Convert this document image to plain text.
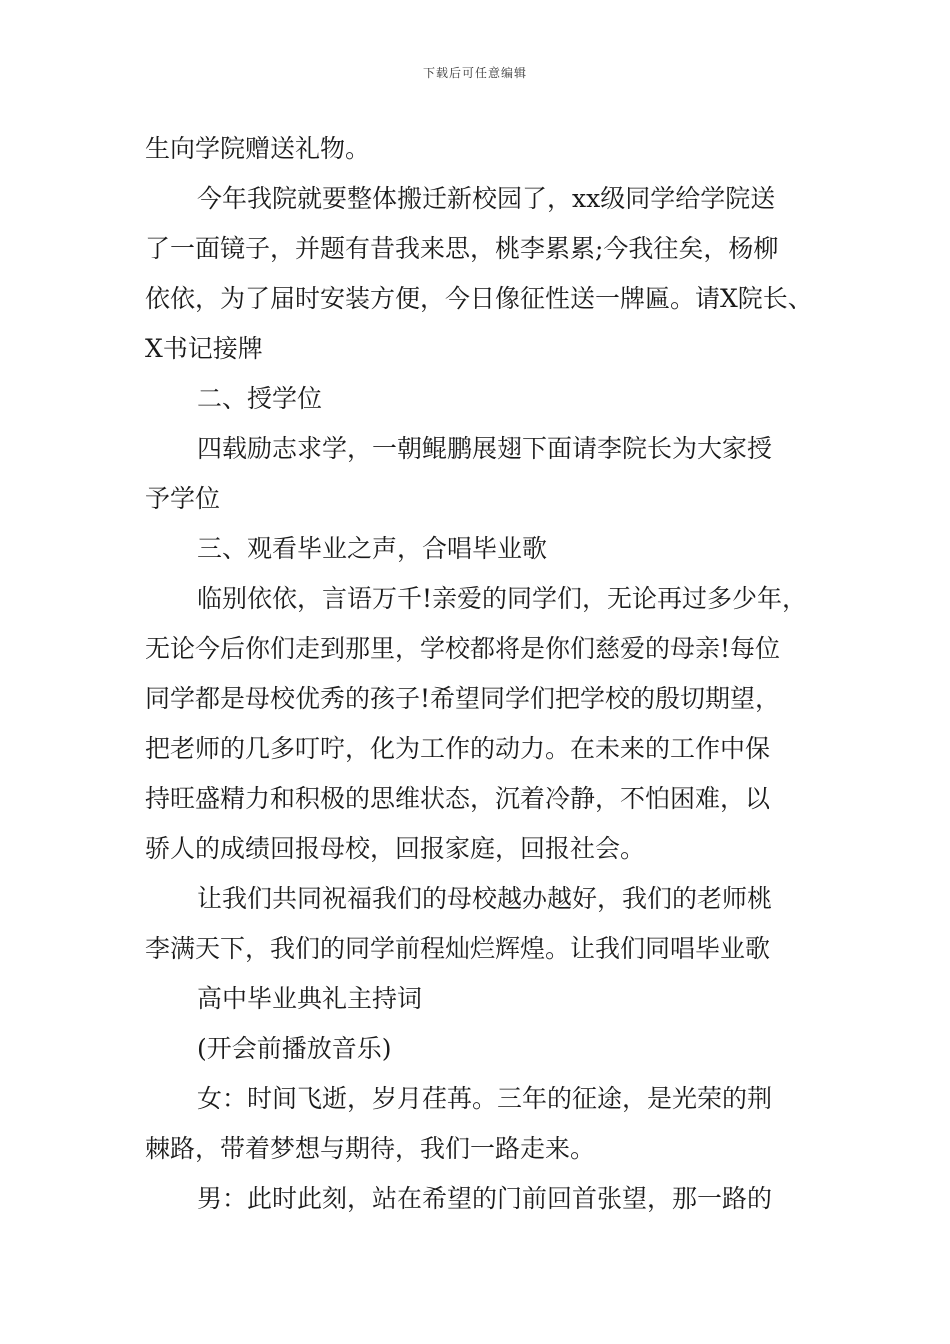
下载后可任意编辑
生向学院赠送礼物。
今年我院就要整体搬迁新校园了，xx级同学给学院送
了一面镜子，并题有昔我来思，桃李累累;今我往矣，杨柳
依依，为了届时安装方便，今日像征性送一牌匾。请X院长、
X书记接牌
二、授学位
四载励志求学，一朝鲲鹏展翅下面请李院长为大家授
予学位
三、观看毕业之声，合唱毕业歌
临别依依，言语万千!亲爱的同学们，无论再过多少年，
无论今后你们走到那里，学校都将是你们慈爱的母亲!每位
同学都是母校优秀的孩子!希望同学们把学校的殷切期望，
把老师的几多叮咛，化为工作的动力。在未来的工作中保
持旺盛精力和积极的思维状态，沉着冷静，不怕困难，以
骄人的成绩回报母校，回报家庭，回报社会。
让我们共同祝福我们的母校越办越好，我们的老师桃
李满天下，我们的同学前程灿烂辉煌。让我们同唱毕业歌
高中毕业典礼主持词
(开会前播放音乐)
女：时间飞逝，岁月荏苒。三年的征途，是光荣的荆
棘路，带着梦想与期待，我们一路走来。
男：此时此刻，站在希望的门前回首张望，那一路的
